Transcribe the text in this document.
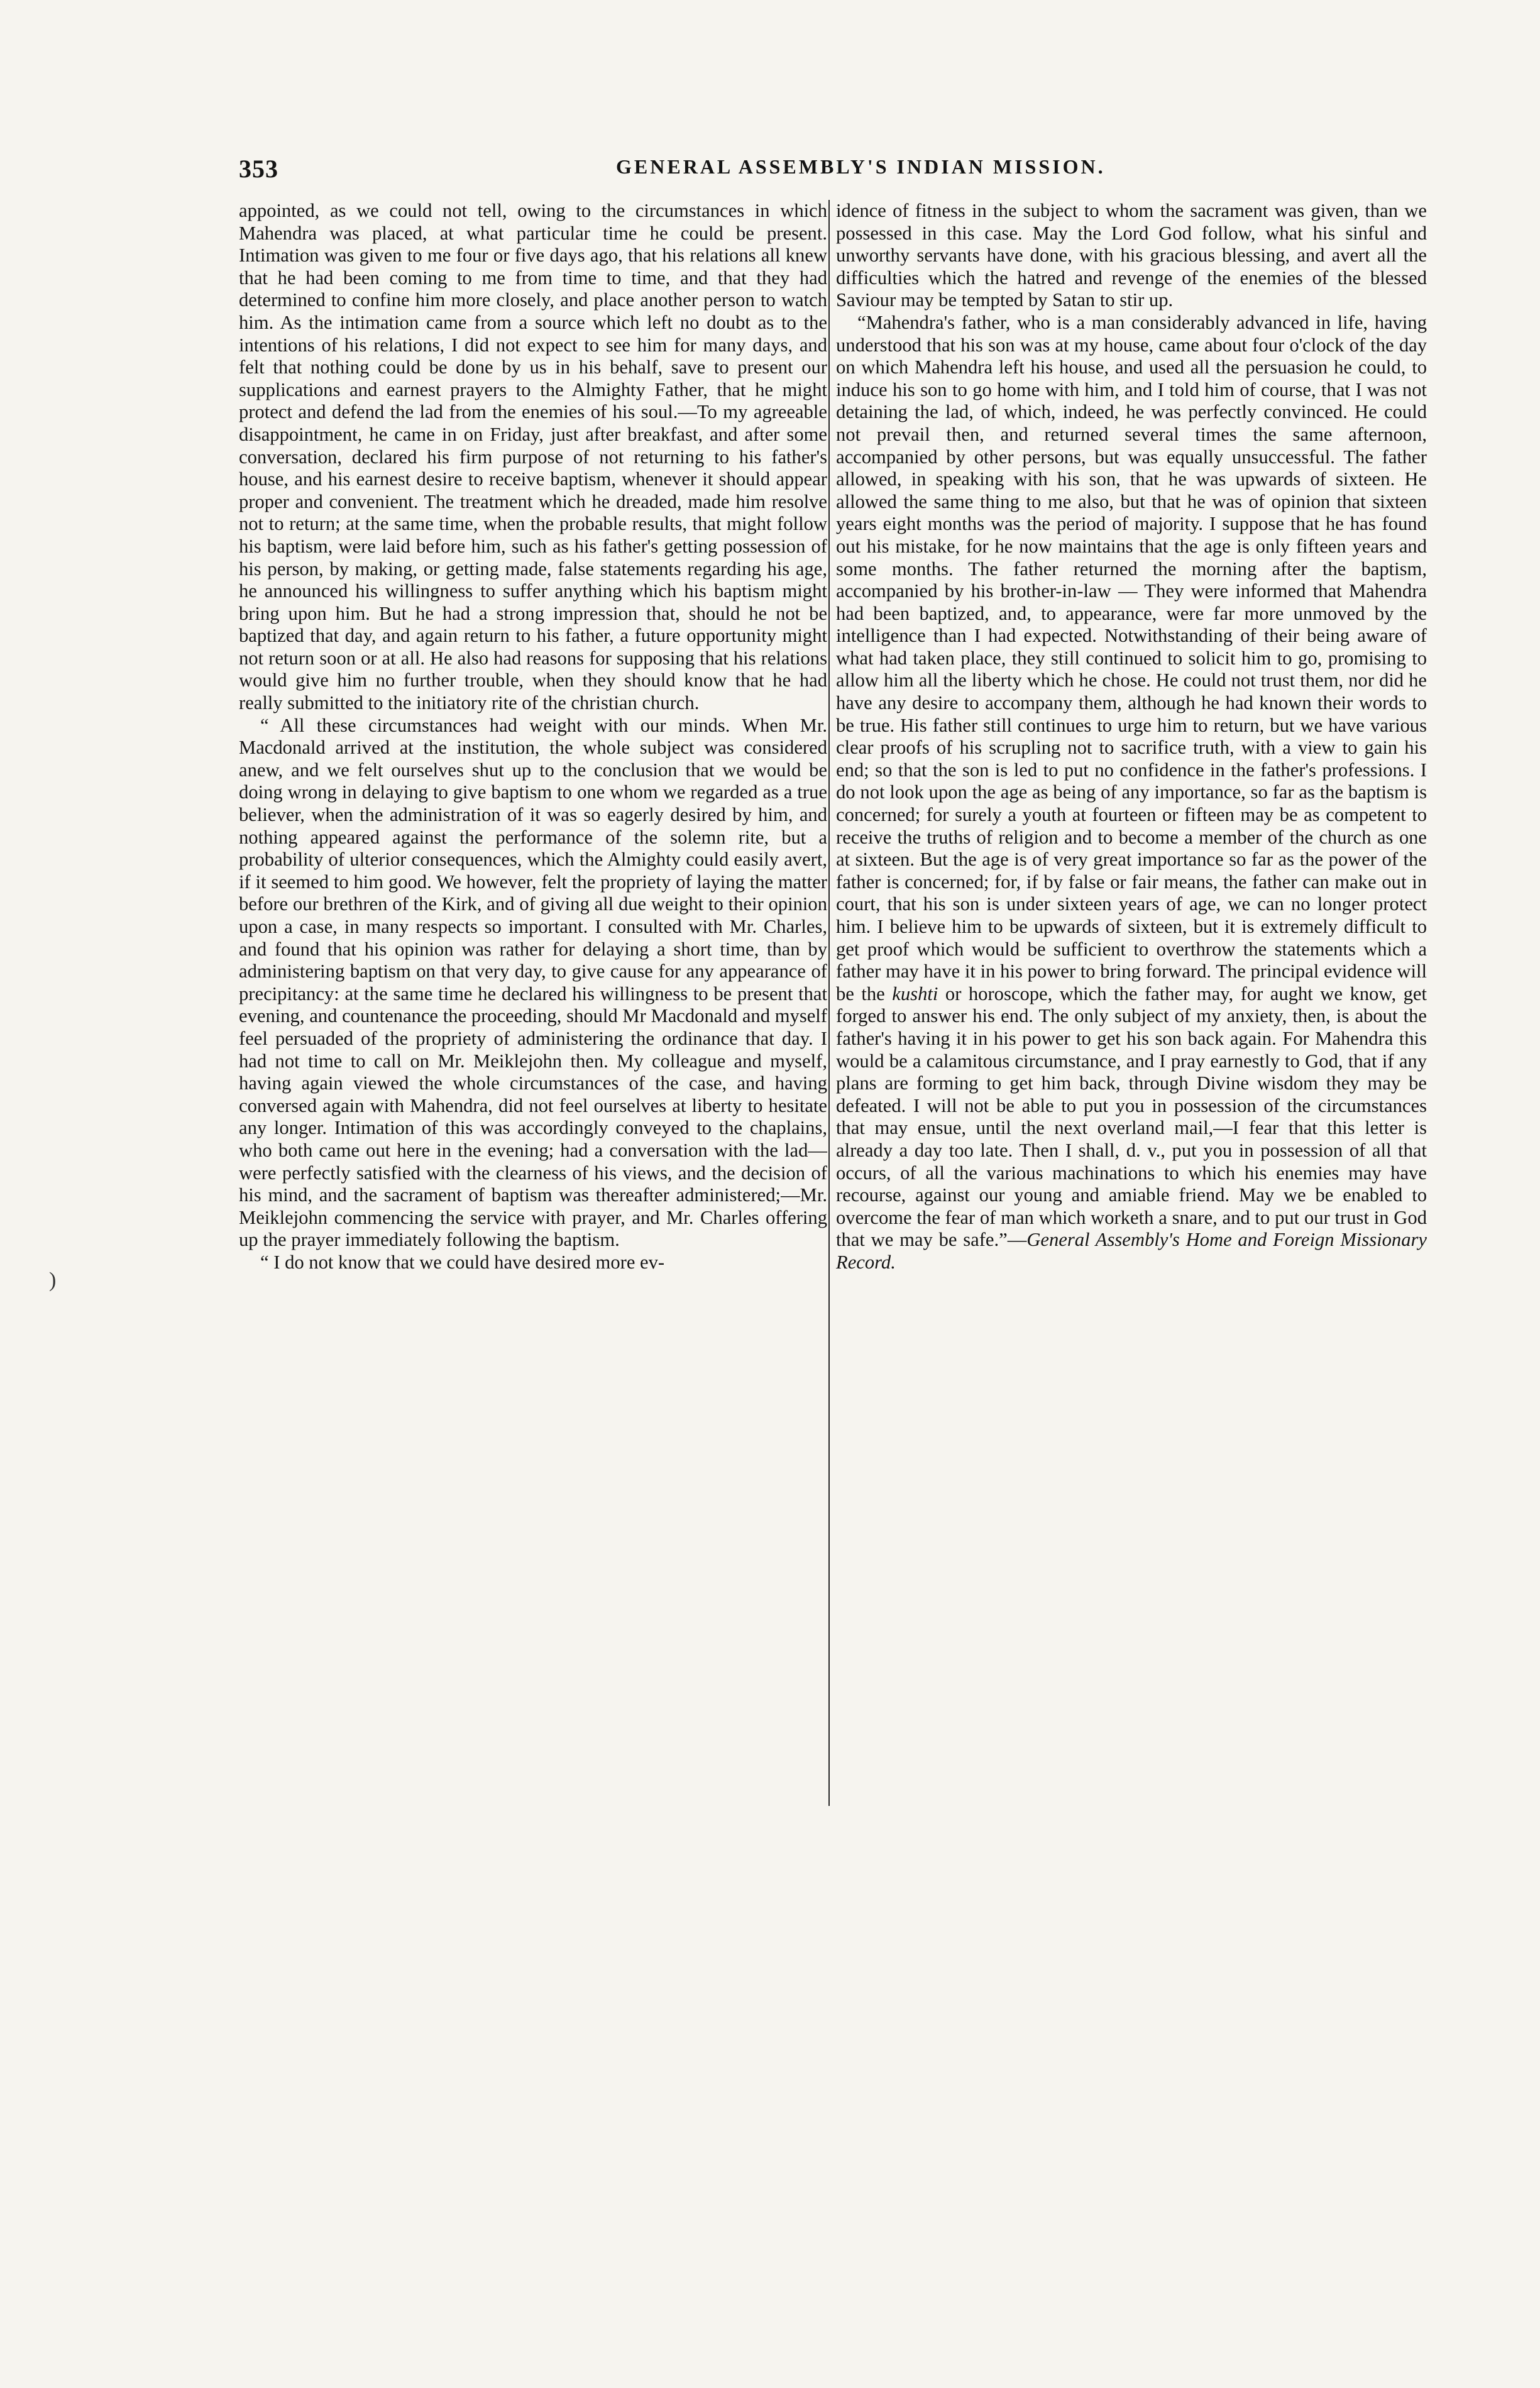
353	GENERAL ASSEMBLY'S INDIAN MISSION.

appointed, as we could not tell, owing to the circumstances in which Mahendra was placed, at what particular time he could be present. Intimation was given to me four or five days ago, that his relations all knew that he had been coming to me from time to time, and that they had determined to confine him more closely, and place another person to watch him. As the intimation came from a source which left no doubt as to the intentions of his relations, I did not expect to see him for many days, and felt that nothing could be done by us in his behalf, save to present our supplications and earnest prayers to the Almighty Father, that he might protect and defend the lad from the enemies of his soul.—To my agreeable disappointment, he came in on Friday, just after breakfast, and after some conversation, declared his firm purpose of not returning to his father's house, and his earnest desire to receive baptism, whenever it should appear proper and convenient. The treatment which he dreaded, made him resolve not to return; at the same time, when the probable results, that might follow his baptism, were laid before him, such as his father's getting possession of his person, by making, or getting made, false statements regarding his age, he announced his willingness to suffer anything which his baptism might bring upon him. But he had a strong impression that, should he not be baptized that day, and again return to his father, a future opportunity might not return soon or at all. He also had reasons for supposing that his relations would give him no further trouble, when they should know that he had really submitted to the initiatory rite of the christian church.

“ All these circumstances had weight with our minds. When Mr. Macdonald arrived at the institution, the whole subject was considered anew, and we felt ourselves shut up to the conclusion that we would be doing wrong in delaying to give baptism to one whom we regarded as a true believer, when the administration of it was so eagerly desired by him, and nothing appeared against the performance of the solemn rite, but a probability of ulterior consequences, which the Almighty could easily avert, if it seemed to him good. We however, felt the propriety of laying the matter before our brethren of the Kirk, and of giving all due weight to their opinion upon a case, in many respects so important. I consulted with Mr. Charles, and found that his opinion was rather for delaying a short time, than by administering baptism on that very day, to give cause for any appearance of precipitancy: at the same time he declared his willingness to be present that evening, and countenance the proceeding, should Mr Macdonald and myself feel persuaded of the propriety of administering the ordinance that day. I had not time to call on Mr. Meiklejohn then. My colleague and myself, having again viewed the whole circumstances of the case, and having conversed again with Mahendra, did not feel ourselves at liberty to hesitate any longer. Intimation of this was accordingly conveyed to the chaplains, who both came out here in the evening; had a conversation with the lad—were perfectly satisfied with the clearness of his views, and the decision of his mind, and the sacrament of baptism was thereafter administered;—Mr. Meiklejohn commencing the service with prayer, and Mr. Charles offering up the prayer immediately following the baptism.

“ I do not know that we could have desired more ev-

idence of fitness in the subject to whom the sacrament was given, than we possessed in this case. May the Lord God follow, what his sinful and unworthy servants have done, with his gracious blessing, and avert all the difficulties which the hatred and revenge of the enemies of the blessed Saviour may be tempted by Satan to stir up.

“Mahendra's father, who is a man considerably advanced in life, having understood that his son was at my house, came about four o'clock of the day on which Mahendra left his house, and used all the persuasion he could, to induce his son to go home with him, and I told him of course, that I was not detaining the lad, of which, indeed, he was perfectly convinced. He could not prevail then, and returned several times the same afternoon, accompanied by other persons, but was equally unsuccessful. The father allowed, in speaking with his son, that he was upwards of sixteen. He allowed the same thing to me also, but that he was of opinion that sixteen years eight months was the period of majority. I suppose that he has found out his mistake, for he now maintains that the age is only fifteen years and some months. The father returned the morning after the baptism, accompanied by his brother-in-law — They were informed that Mahendra had been baptized, and, to appearance, were far more unmoved by the intelligence than I had expected. Notwithstanding of their being aware of what had taken place, they still continued to solicit him to go, promising to allow him all the liberty which he chose. He could not trust them, nor did he have any desire to accompany them, although he had known their words to be true. His father still continues to urge him to return, but we have various clear proofs of his scrupling not to sacrifice truth, with a view to gain his end; so that the son is led to put no confidence in the father's professions. I do not look upon the age as being of any importance, so far as the baptism is concerned; for surely a youth at fourteen or fifteen may be as competent to receive the truths of religion and to become a member of the church as one at sixteen. But the age is of very great importance so far as the power of the father is concerned; for, if by false or fair means, the father can make out in court, that his son is under sixteen years of age, we can no longer protect him. I believe him to be upwards of sixteen, but it is extremely difficult to get proof which would be sufficient to overthrow the statements which a father may have it in his power to bring forward. The principal evidence will be the kushti or horoscope, which the father may, for aught we know, get forged to answer his end. The only subject of my anxiety, then, is about the father's having it in his power to get his son back again. For Mahendra this would be a calamitous circumstance, and I pray earnestly to God, that if any plans are forming to get him back, through Divine wisdom they may be defeated. I will not be able to put you in possession of the circumstances that may ensue, until the next overland mail,—I fear that this letter is already a day too late. Then I shall, d. v., put you in possession of all that occurs, of all the various machinations to which his enemies may have recourse, against our young and amiable friend. May we be enabled to overcome the fear of man which worketh a snare, and to put our trust in God that we may be safe.”—General Assembly's Home and Foreign Missionary Record.

)
